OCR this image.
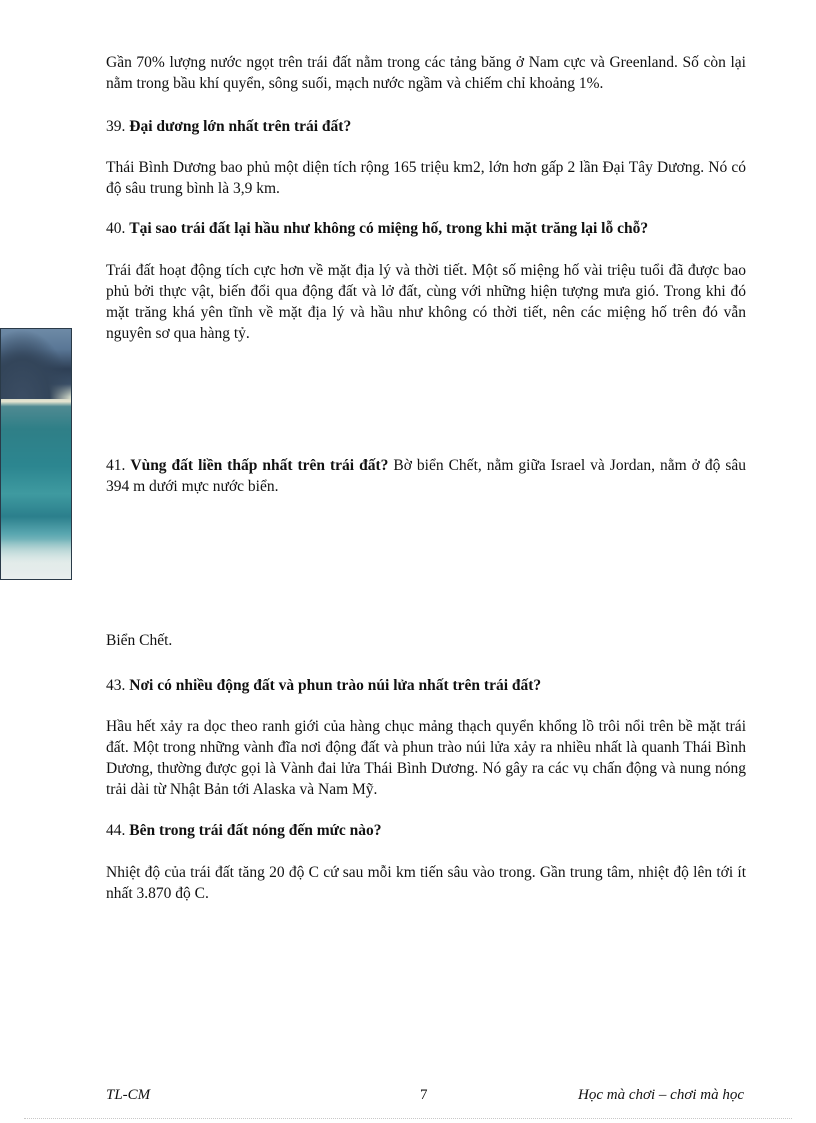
Gần 70% lượng nước ngọt trên trái đất nằm trong các tảng băng ở Nam cực và Greenland. Số còn lại nằm trong bầu khí quyển, sông suối, mạch nước ngầm và chiếm chỉ khoảng 1%.

39. Đại dương lớn nhất trên trái đất?

Thái Bình Dương bao phủ một diện tích rộng 165 triệu km2, lớn hơn gấp 2 lần Đại Tây Dương. Nó có độ sâu trung bình là 3,9 km.

40. Tại sao trái đất lại hầu như không có miệng hố, trong khi mặt trăng lại lỗ chỗ?

Trái đất hoạt động tích cực hơn về mặt địa lý và thời tiết. Một số miệng hố vài triệu tuổi đã được bao phủ bởi thực vật, biến đổi qua động đất và lở đất, cùng với những hiện tượng mưa gió. Trong khi đó mặt trăng khá yên tĩnh về mặt địa lý và hầu như không có thời tiết, nên các miệng hố trên đó vẫn nguyên sơ qua hàng tỷ.

41. Vùng đất liền thấp nhất trên trái đất? Bờ biển Chết, nằm giữa Israel và Jordan, nằm ở độ sâu 394 m dưới mực nước biển.

Biển Chết.

43. Nơi có nhiều động đất và phun trào núi lửa nhất trên trái đất?

Hầu hết xảy ra dọc theo ranh giới của hàng chục mảng thạch quyển khổng lồ trôi nổi trên bề mặt trái đất. Một trong những vành đĩa nơi động đất và phun trào núi lửa xảy ra nhiều nhất là quanh Thái Bình Dương, thường được gọi là Vành đai lửa Thái Bình Dương. Nó gây ra các vụ chấn động và nung nóng trải dài từ Nhật Bản tới Alaska và Nam Mỹ.

44. Bên trong trái đất nóng đến mức nào?

Nhiệt độ của trái đất tăng 20 độ C cứ sau mỗi km tiến sâu vào trong. Gần trung tâm, nhiệt độ lên tới ít nhất 3.870 độ C.

TL-CM	7	Học mà chơi – chơi mà học
